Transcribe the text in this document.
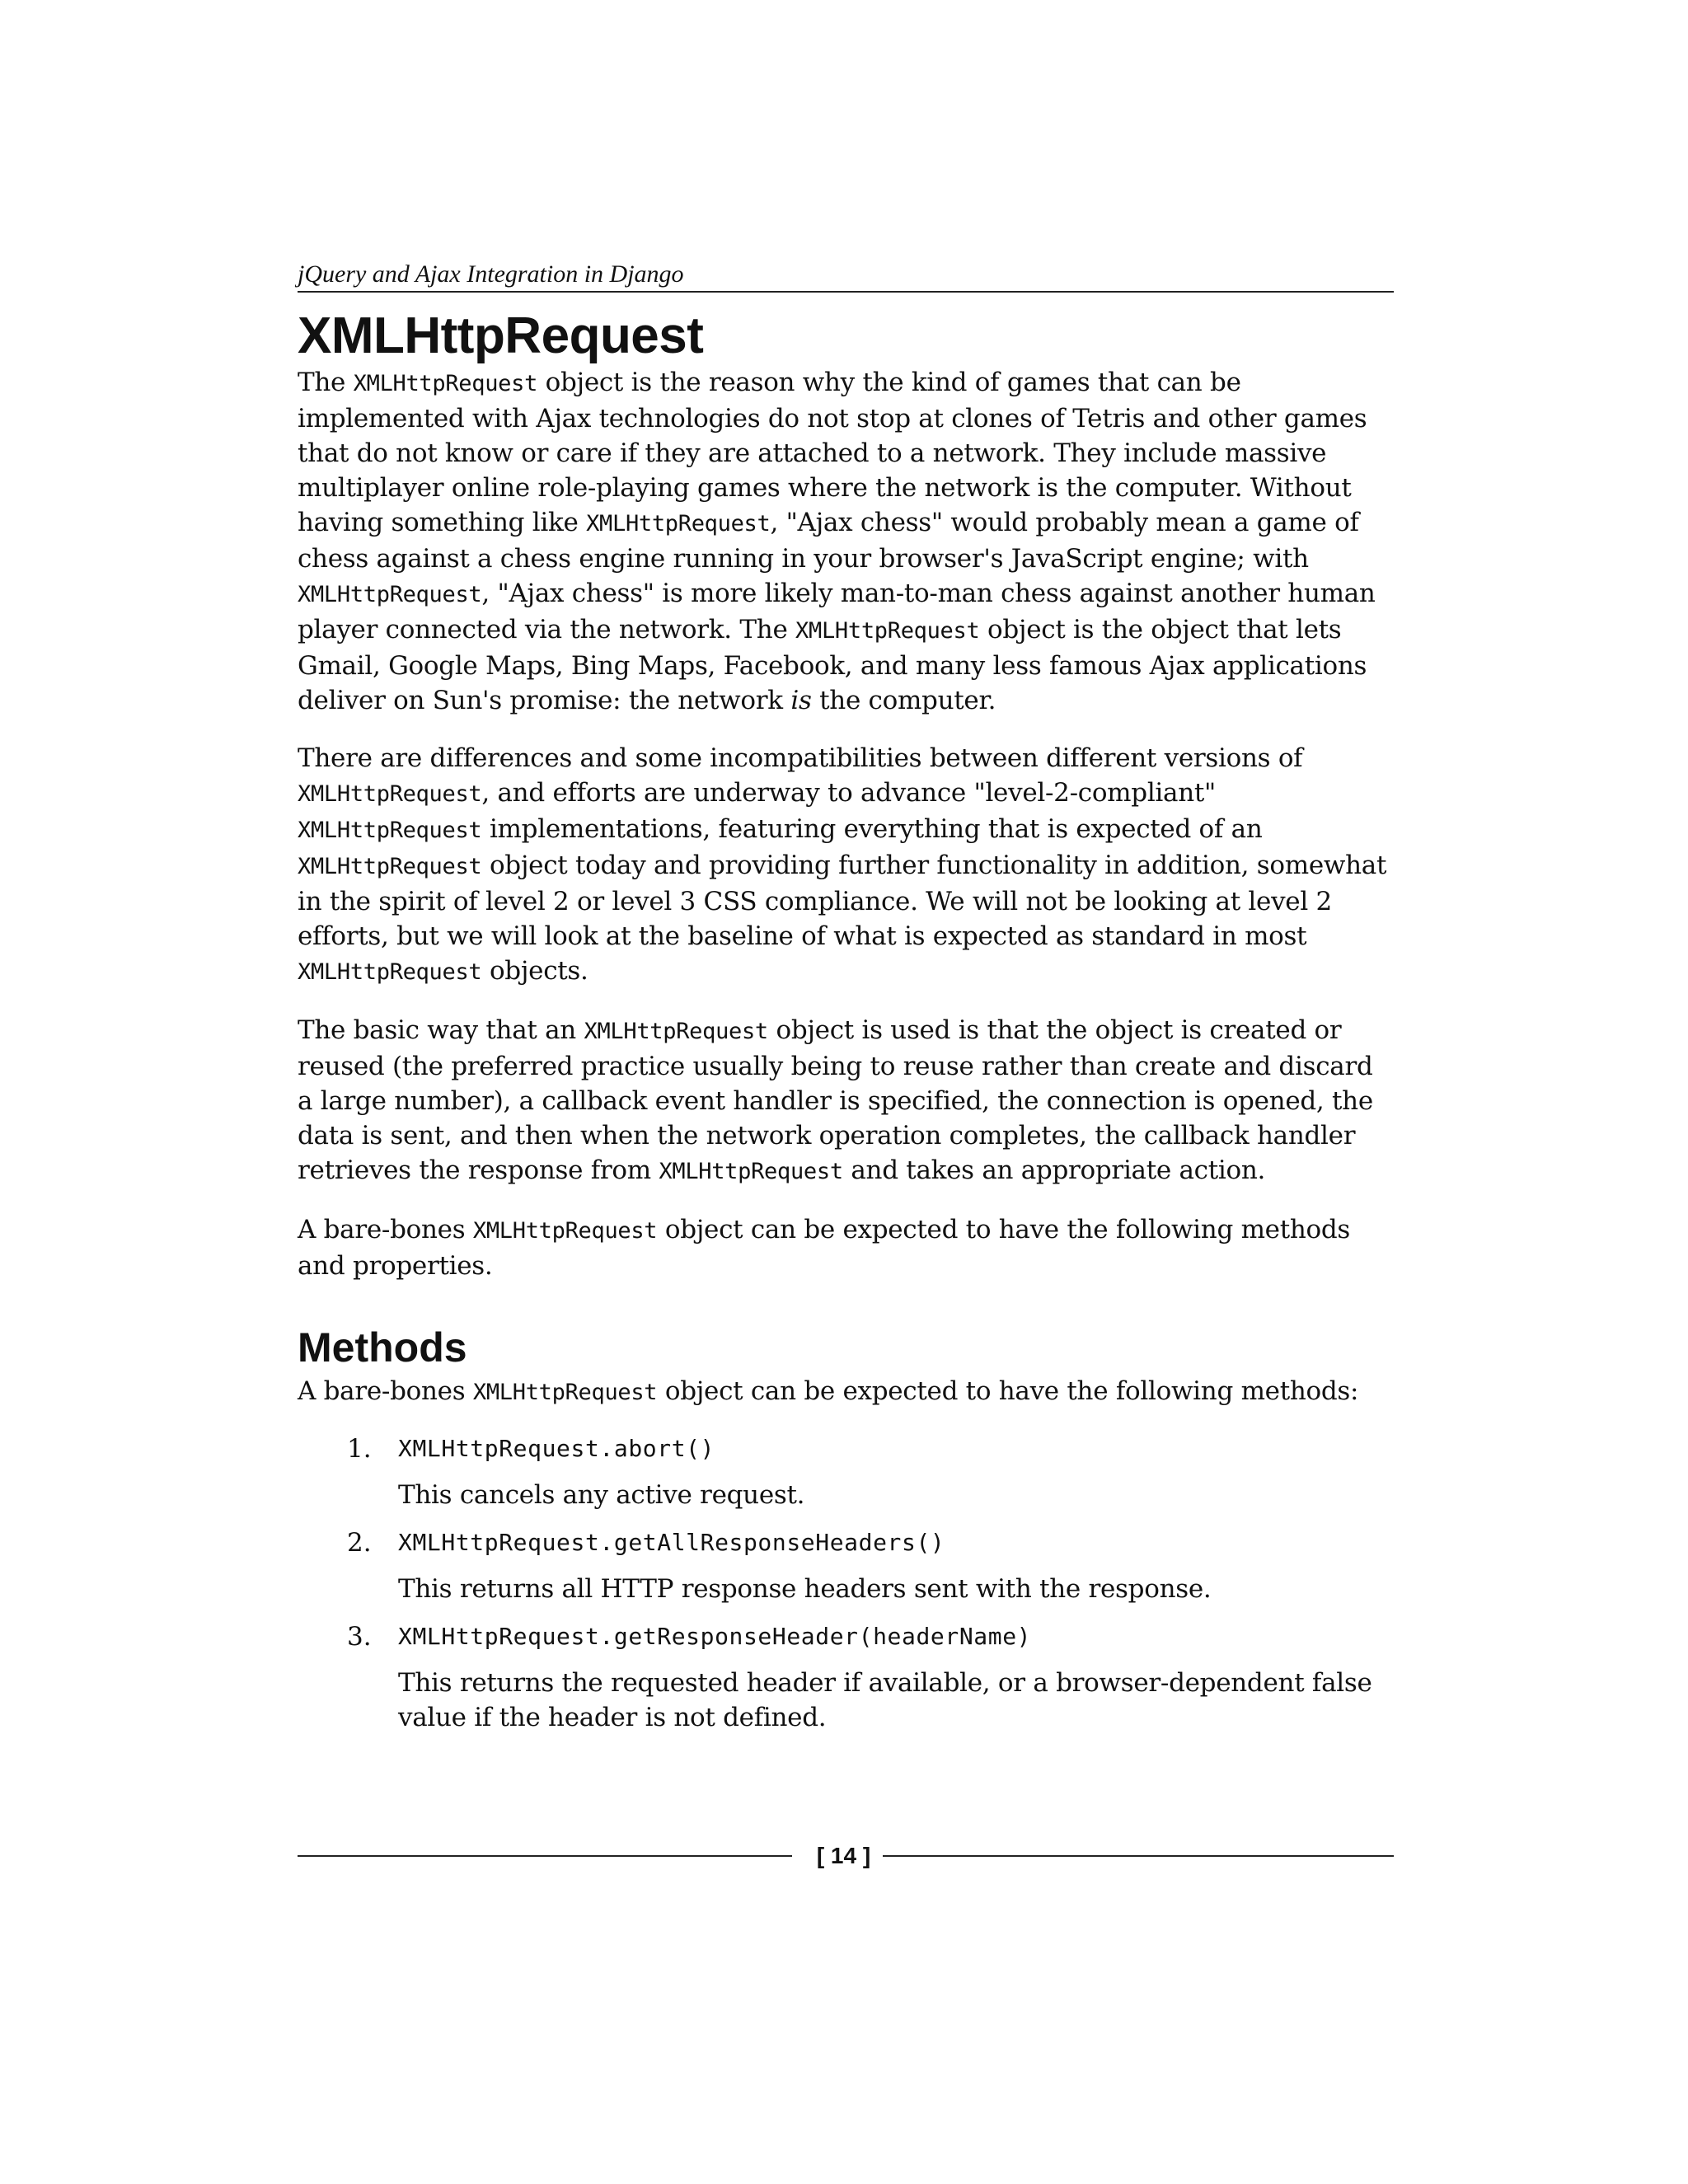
jQuery and Ajax Integration in Django
XMLHttpRequest

The XMLHttpRequest object is the reason why the kind of games that can be implemented with Ajax technologies do not stop at clones of Tetris and other games that do not know or care if they are attached to a network. They include massive multiplayer online role-playing games where the network is the computer. Without having something like XMLHttpRequest, "Ajax chess" would probably mean a game of chess against a chess engine running in your browser's JavaScript engine; with XMLHttpRequest, "Ajax chess" is more likely man-to-man chess against another human player connected via the network. The XMLHttpRequest object is the object that lets Gmail, Google Maps, Bing Maps, Facebook, and many less famous Ajax applications deliver on Sun's promise: the network is the computer.

There are differences and some incompatibilities between different versions of XMLHttpRequest, and efforts are underway to advance "level-2-compliant" XMLHttpRequest implementations, featuring everything that is expected of an XMLHttpRequest object today and providing further functionality in addition, somewhat in the spirit of level 2 or level 3 CSS compliance. We will not be looking at level 2 efforts, but we will look at the baseline of what is expected as standard in most XMLHttpRequest objects.

The basic way that an XMLHttpRequest object is used is that the object is created or reused (the preferred practice usually being to reuse rather than create and discard a large number), a callback event handler is specified, the connection is opened, the data is sent, and then when the network operation completes, the callback handler retrieves the response from XMLHttpRequest and takes an appropriate action.

A bare-bones XMLHttpRequest object can be expected to have the following methods and properties.

Methods

A bare-bones XMLHttpRequest object can be expected to have the following methods:

1. XMLHttpRequest.abort()
This cancels any active request.
2. XMLHttpRequest.getAllResponseHeaders()
This returns all HTTP response headers sent with the response.
3. XMLHttpRequest.getResponseHeader(headerName)
This returns the requested header if available, or a browser-dependent false value if the header is not defined.
[ 14 ]
